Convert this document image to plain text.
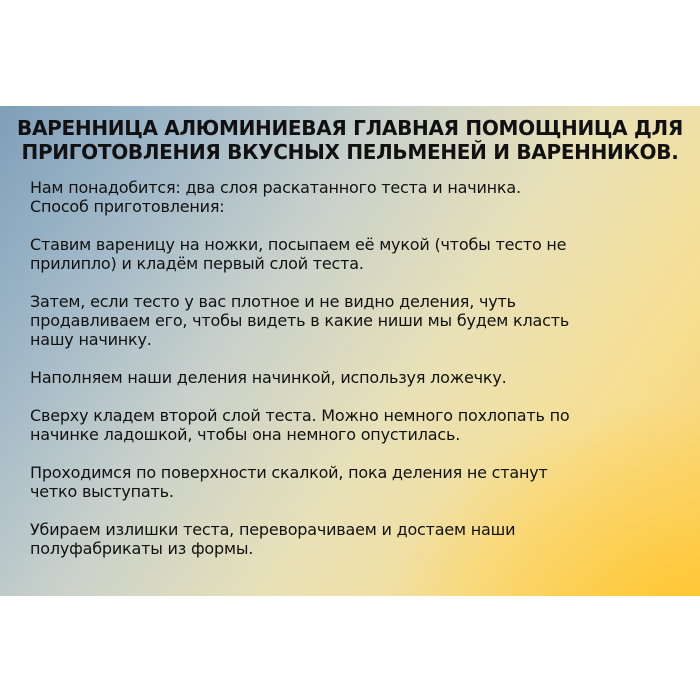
ВАРЕННИЦА АЛЮМИНИЕВАЯ ГЛАВНАЯ ПОМОЩНИЦА ДЛЯ
ПРИГОТОВЛЕНИЯ ВКУСНЫХ ПЕЛЬМЕНЕЙ И ВАРЕННИКОВ.

Нам понадобится: два слоя раскатанного теста и начинка.
Способ приготовления:

Ставим вареницу на ножки, посыпаем её мукой (чтобы тесто не
прилипло) и кладём первый слой теста.

Затем, если тесто у вас плотное и не видно деления, чуть
продавливаем его, чтобы видеть в какие ниши мы будем класть
нашу начинку.

Наполняем наши деления начинкой, используя ложечку.

Сверху кладем второй слой теста. Можно немного похлопать по
начинке ладошкой, чтобы она немного опустилась.

Проходимся по поверхности скалкой, пока деления не станут
четко выступать.

Убираем излишки теста, переворачиваем и достаем наши
полуфабрикаты из формы.
